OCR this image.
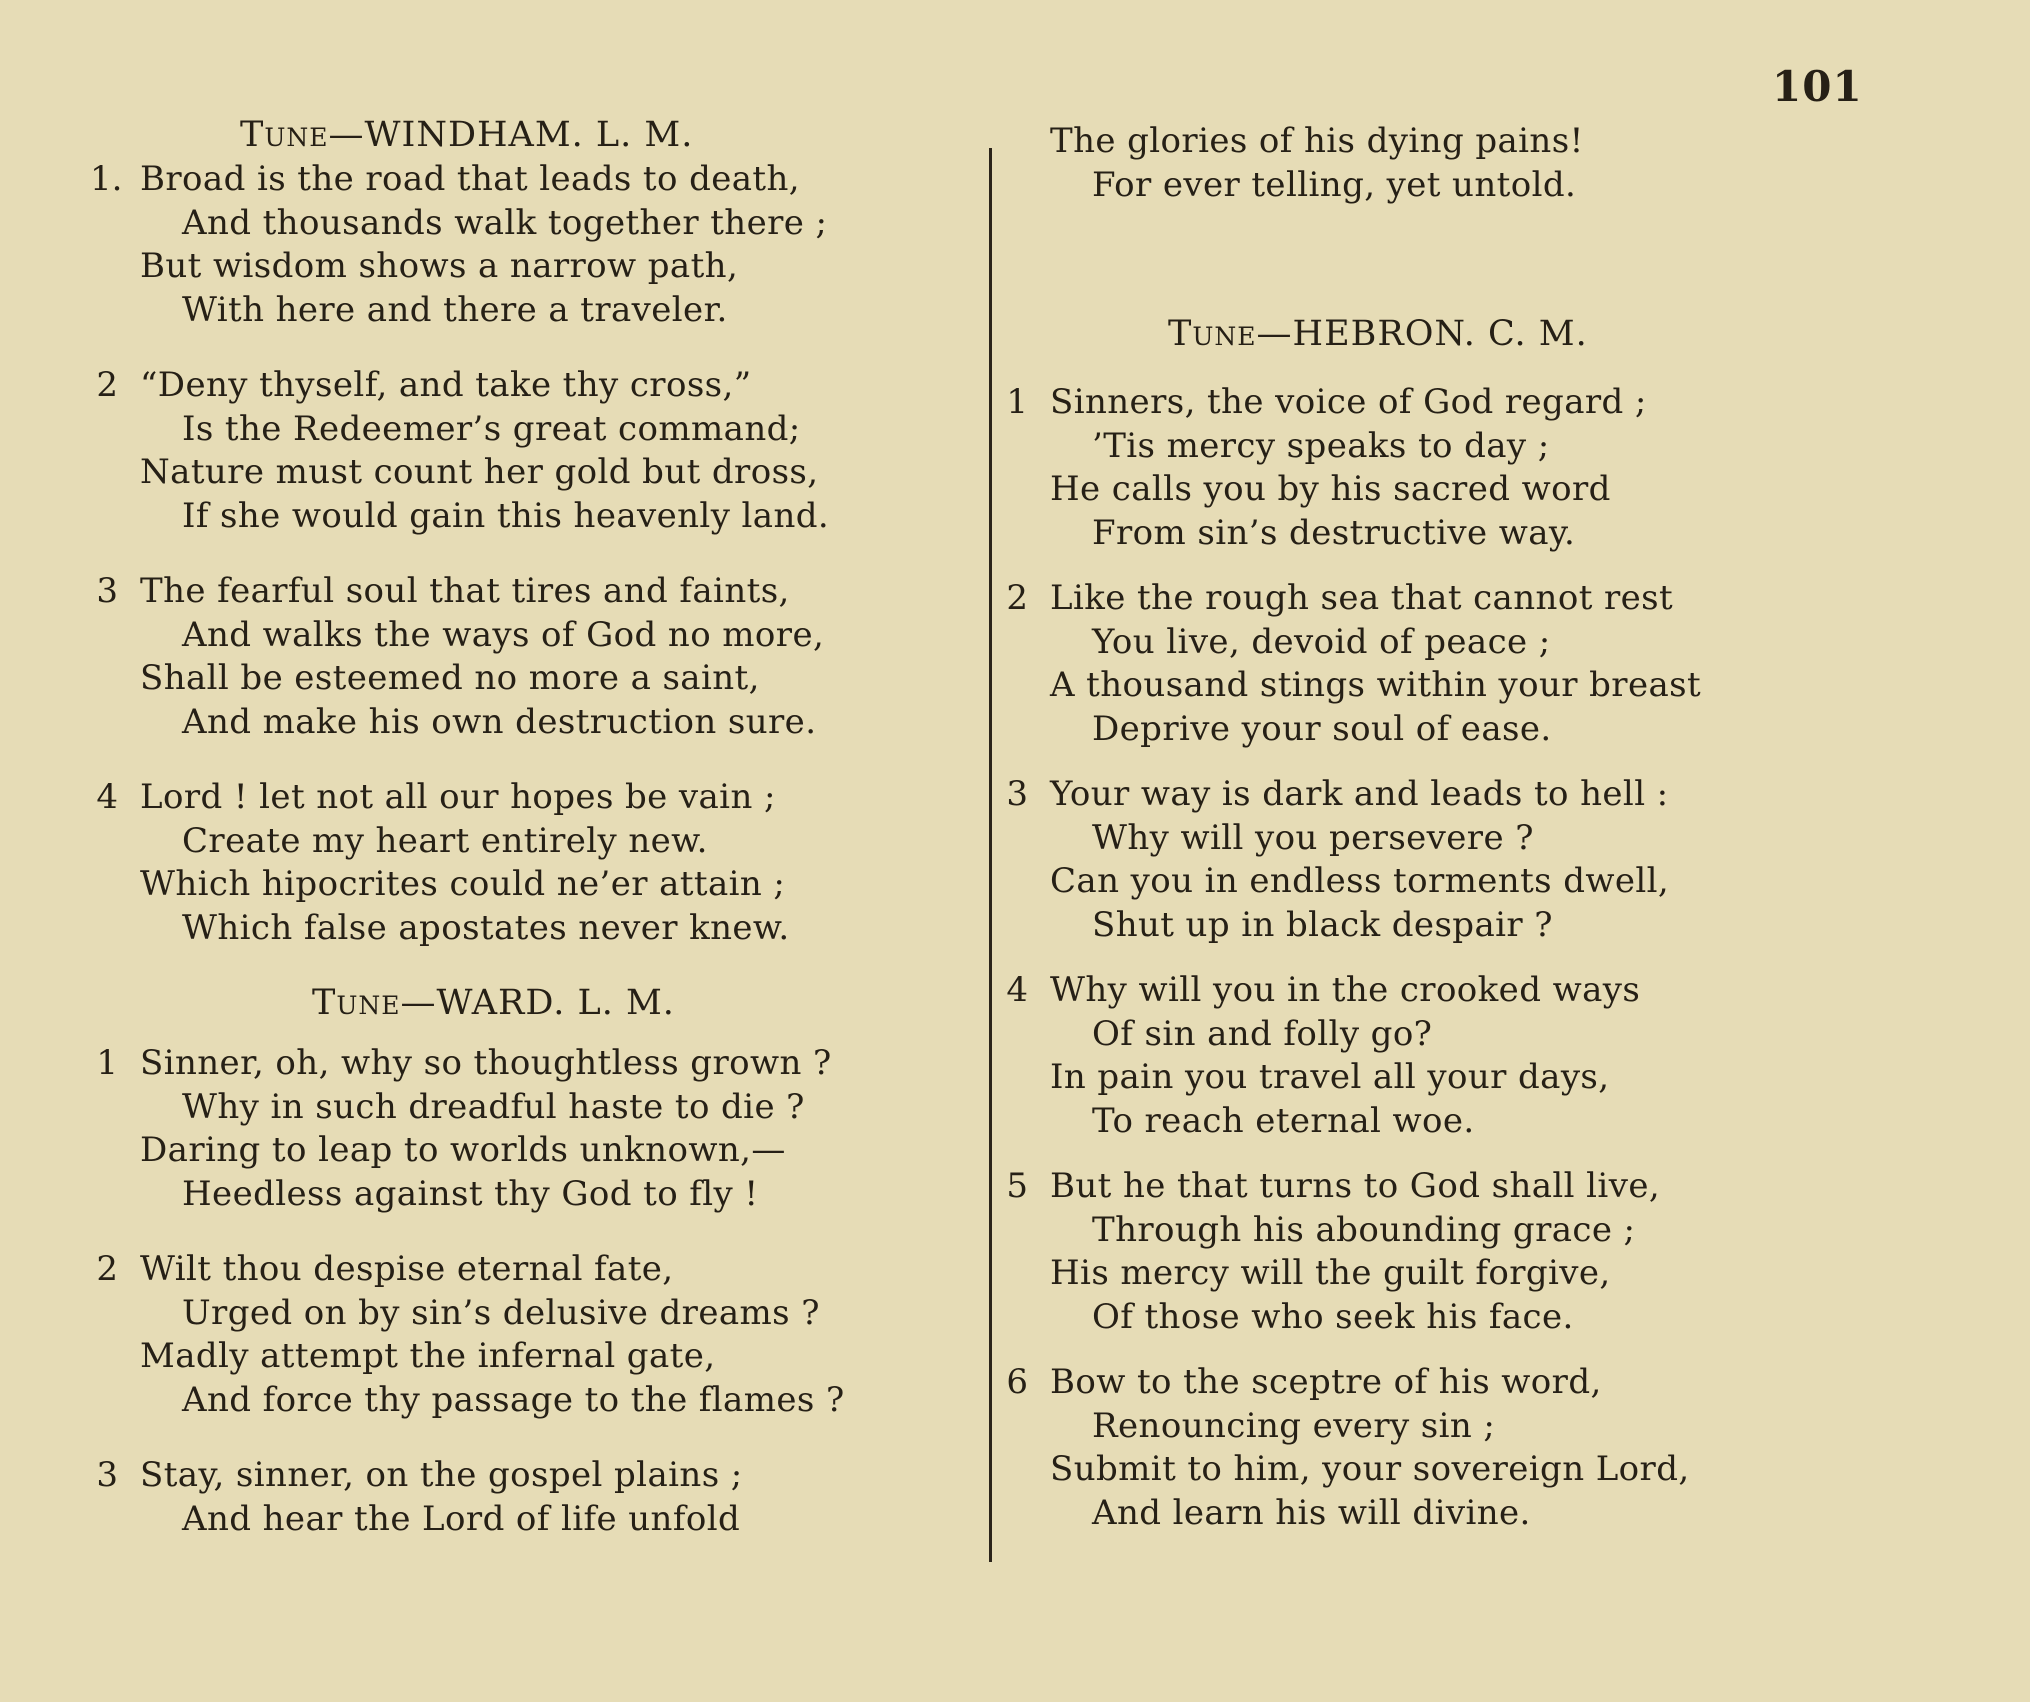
101
Tune—WINDHAM. L. M.
1. Broad is the road that leads to death,
And thousands walk together there ;
But wisdom shows a narrow path,
With here and there a traveler.
2 “Deny thyself, and take thy cross,”
Is the Redeemer’s great command;
Nature must count her gold but dross,
If she would gain this heavenly land.
3 The fearful soul that tires and faints,
And walks the ways of God no more,
Shall be esteemed no more a saint,
And make his own destruction sure.
4 Lord ! let not all our hopes be vain ;
Create my heart entirely new.
Which hipocrites could ne’er attain ;
Which false apostates never knew.
Tune—WARD. L. M.
1 Sinner, oh, why so thoughtless grown ?
Why in such dreadful haste to die ?
Daring to leap to worlds unknown,—
Heedless against thy God to fly !
2 Wilt thou despise eternal fate,
Urged on by sin’s delusive dreams ?
Madly attempt the infernal gate,
And force thy passage to the flames ?
3 Stay, sinner, on the gospel plains ;
And hear the Lord of life unfold
The glories of his dying pains!
For ever telling, yet untold.
Tune—HEBRON. C. M.
1 Sinners, the voice of God regard ;
’Tis mercy speaks to day ;
He calls you by his sacred word
From sin’s destructive way.
2 Like the rough sea that cannot rest
You live, devoid of peace ;
A thousand stings within your breast
Deprive your soul of ease.
3 Your way is dark and leads to hell :
Why will you persevere ?
Can you in endless torments dwell,
Shut up in black despair ?
4 Why will you in the crooked ways
Of sin and folly go?
In pain you travel all your days,
To reach eternal woe.
5 But he that turns to God shall live,
Through his abounding grace ;
His mercy will the guilt forgive,
Of those who seek his face.
6 Bow to the sceptre of his word,
Renouncing every sin ;
Submit to him, your sovereign Lord,
And learn his will divine.
